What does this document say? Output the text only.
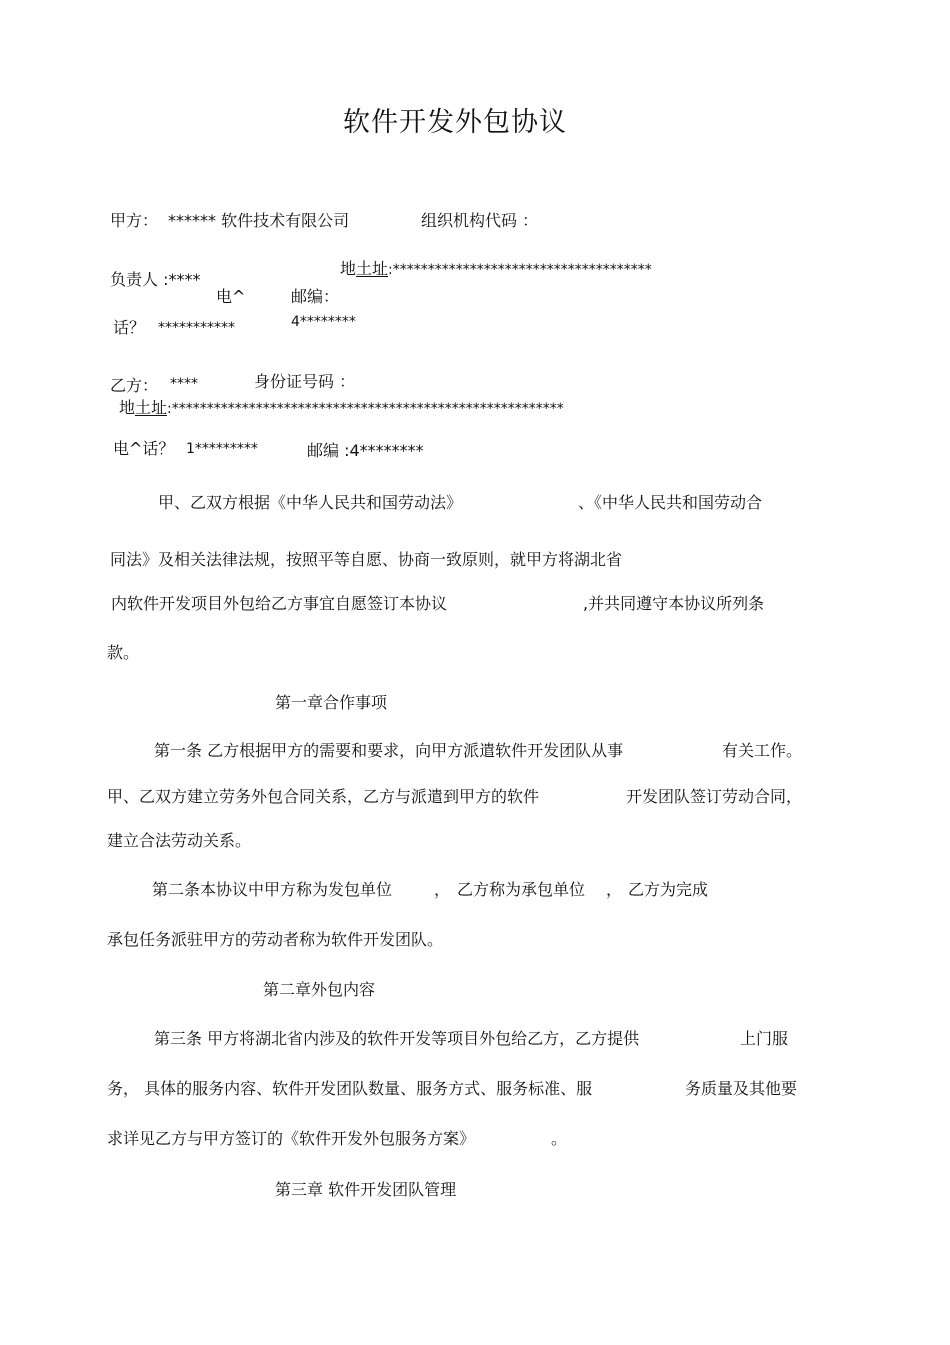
软件开发外包协议
甲方： ****** 软件技术有限公司	组织机构代码 ：
负责人 :****
地土址:*************************************
电^	邮编：
话？ ***********	4********
乙方： ****	身份证号码 ：
地土址:********************************************************
电^话？ 1*********	邮编 :4********
甲、乙双方根据《中华人民共和国劳动法》	、《中华人民共和国劳动合
同法》及相关法律法规，按照平等自愿、协商一致原则，就甲方将湖北省
内软件开发项目外包给乙方事宜自愿签订本协议	,并共同遵守本协议所列条
款。
第一章合作事项
第一条 乙方根据甲方的需要和要求，向甲方派遣软件开发团队从事	有关工作。
甲、乙双方建立劳务外包合同关系，乙方与派遣到甲方的软件	开发团队签订劳动合同，
建立合法劳动关系。
第二条本协议中甲方称为发包单位	， 乙方称为承包单位 ， 乙方为完成
承包任务派驻甲方的劳动者称为软件开发团队。
第二章外包内容
第三条 甲方将湖北省内涉及的软件开发等项目外包给乙方，乙方提供	上门服
务， 具体的服务内容、软件开发团队数量、服务方式、服务标准、服	务质量及其他要
求详见乙方与甲方签订的《软件开发外包服务方案》	。
第三章 软件开发团队管理
